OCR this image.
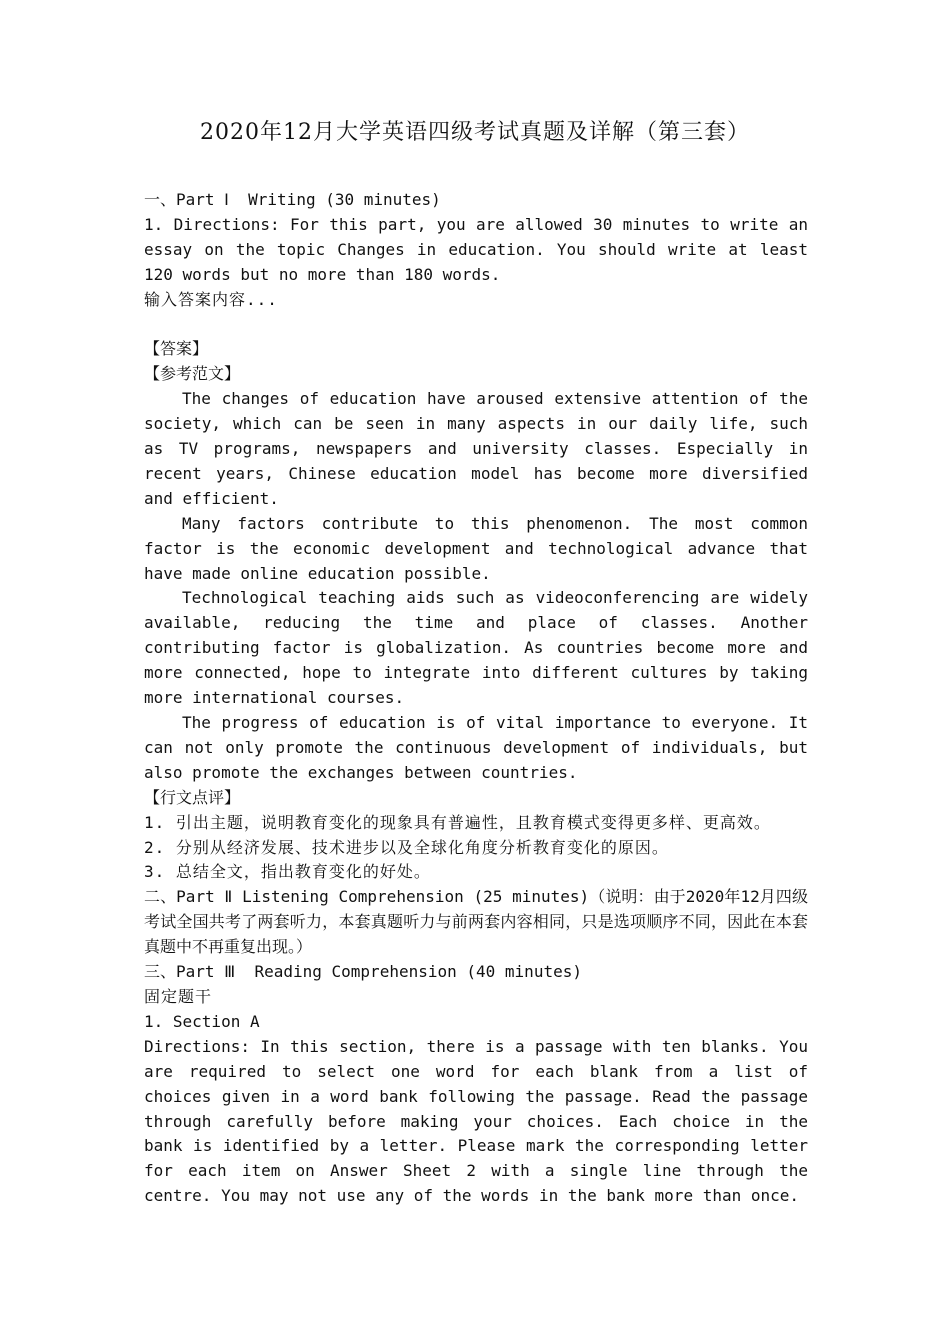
2020年12月大学英语四级考试真题及详解（第三套）

一、Part Ⅰ  Writing (30 minutes)

1. Directions: For this part, you are allowed 30 minutes to write an essay on the topic Changes in education. You should write at least 120 words but no more than 180 words.

输入答案内容...

【答案】

【参考范文】

The changes of education have aroused extensive attention of the society, which can be seen in many aspects in our daily life, such as TV programs, newspapers and university classes. Especially in recent years, Chinese education model has become more diversified and efficient.

Many factors contribute to this phenomenon. The most common factor is the economic development and technological advance that have made online education possible.

Technological teaching aids such as videoconferencing are widely available, reducing the time and place of classes. Another contributing factor is globalization. As countries become more and more connected, hope to integrate into different cultures by taking more international courses.

The progress of education is of vital importance to everyone. It can not only promote the continuous development of individuals, but also promote the exchanges between countries.

【行文点评】

1. 引出主题，说明教育变化的现象具有普遍性，且教育模式变得更多样、更高效。

2. 分别从经济发展、技术进步以及全球化角度分析教育变化的原因。

3. 总结全文，指出教育变化的好处。

二、Part Ⅱ Listening Comprehension (25 minutes)（说明：由于2020年12月四级考试全国共考了两套听力，本套真题听力与前两套内容相同，只是选项顺序不同，因此在本套真题中不再重复出现。）

三、Part Ⅲ  Reading Comprehension (40 minutes)

固定题干

1. Section A

Directions: In this section, there is a passage with ten blanks. You are required to select one word for each blank from a list of choices given in a word bank following the passage. Read the passage through carefully before making your choices. Each choice in the bank is identified by a letter. Please mark the corresponding letter for each item on Answer Sheet 2 with a single line through the centre. You may not use any of the words in the bank more than once.
